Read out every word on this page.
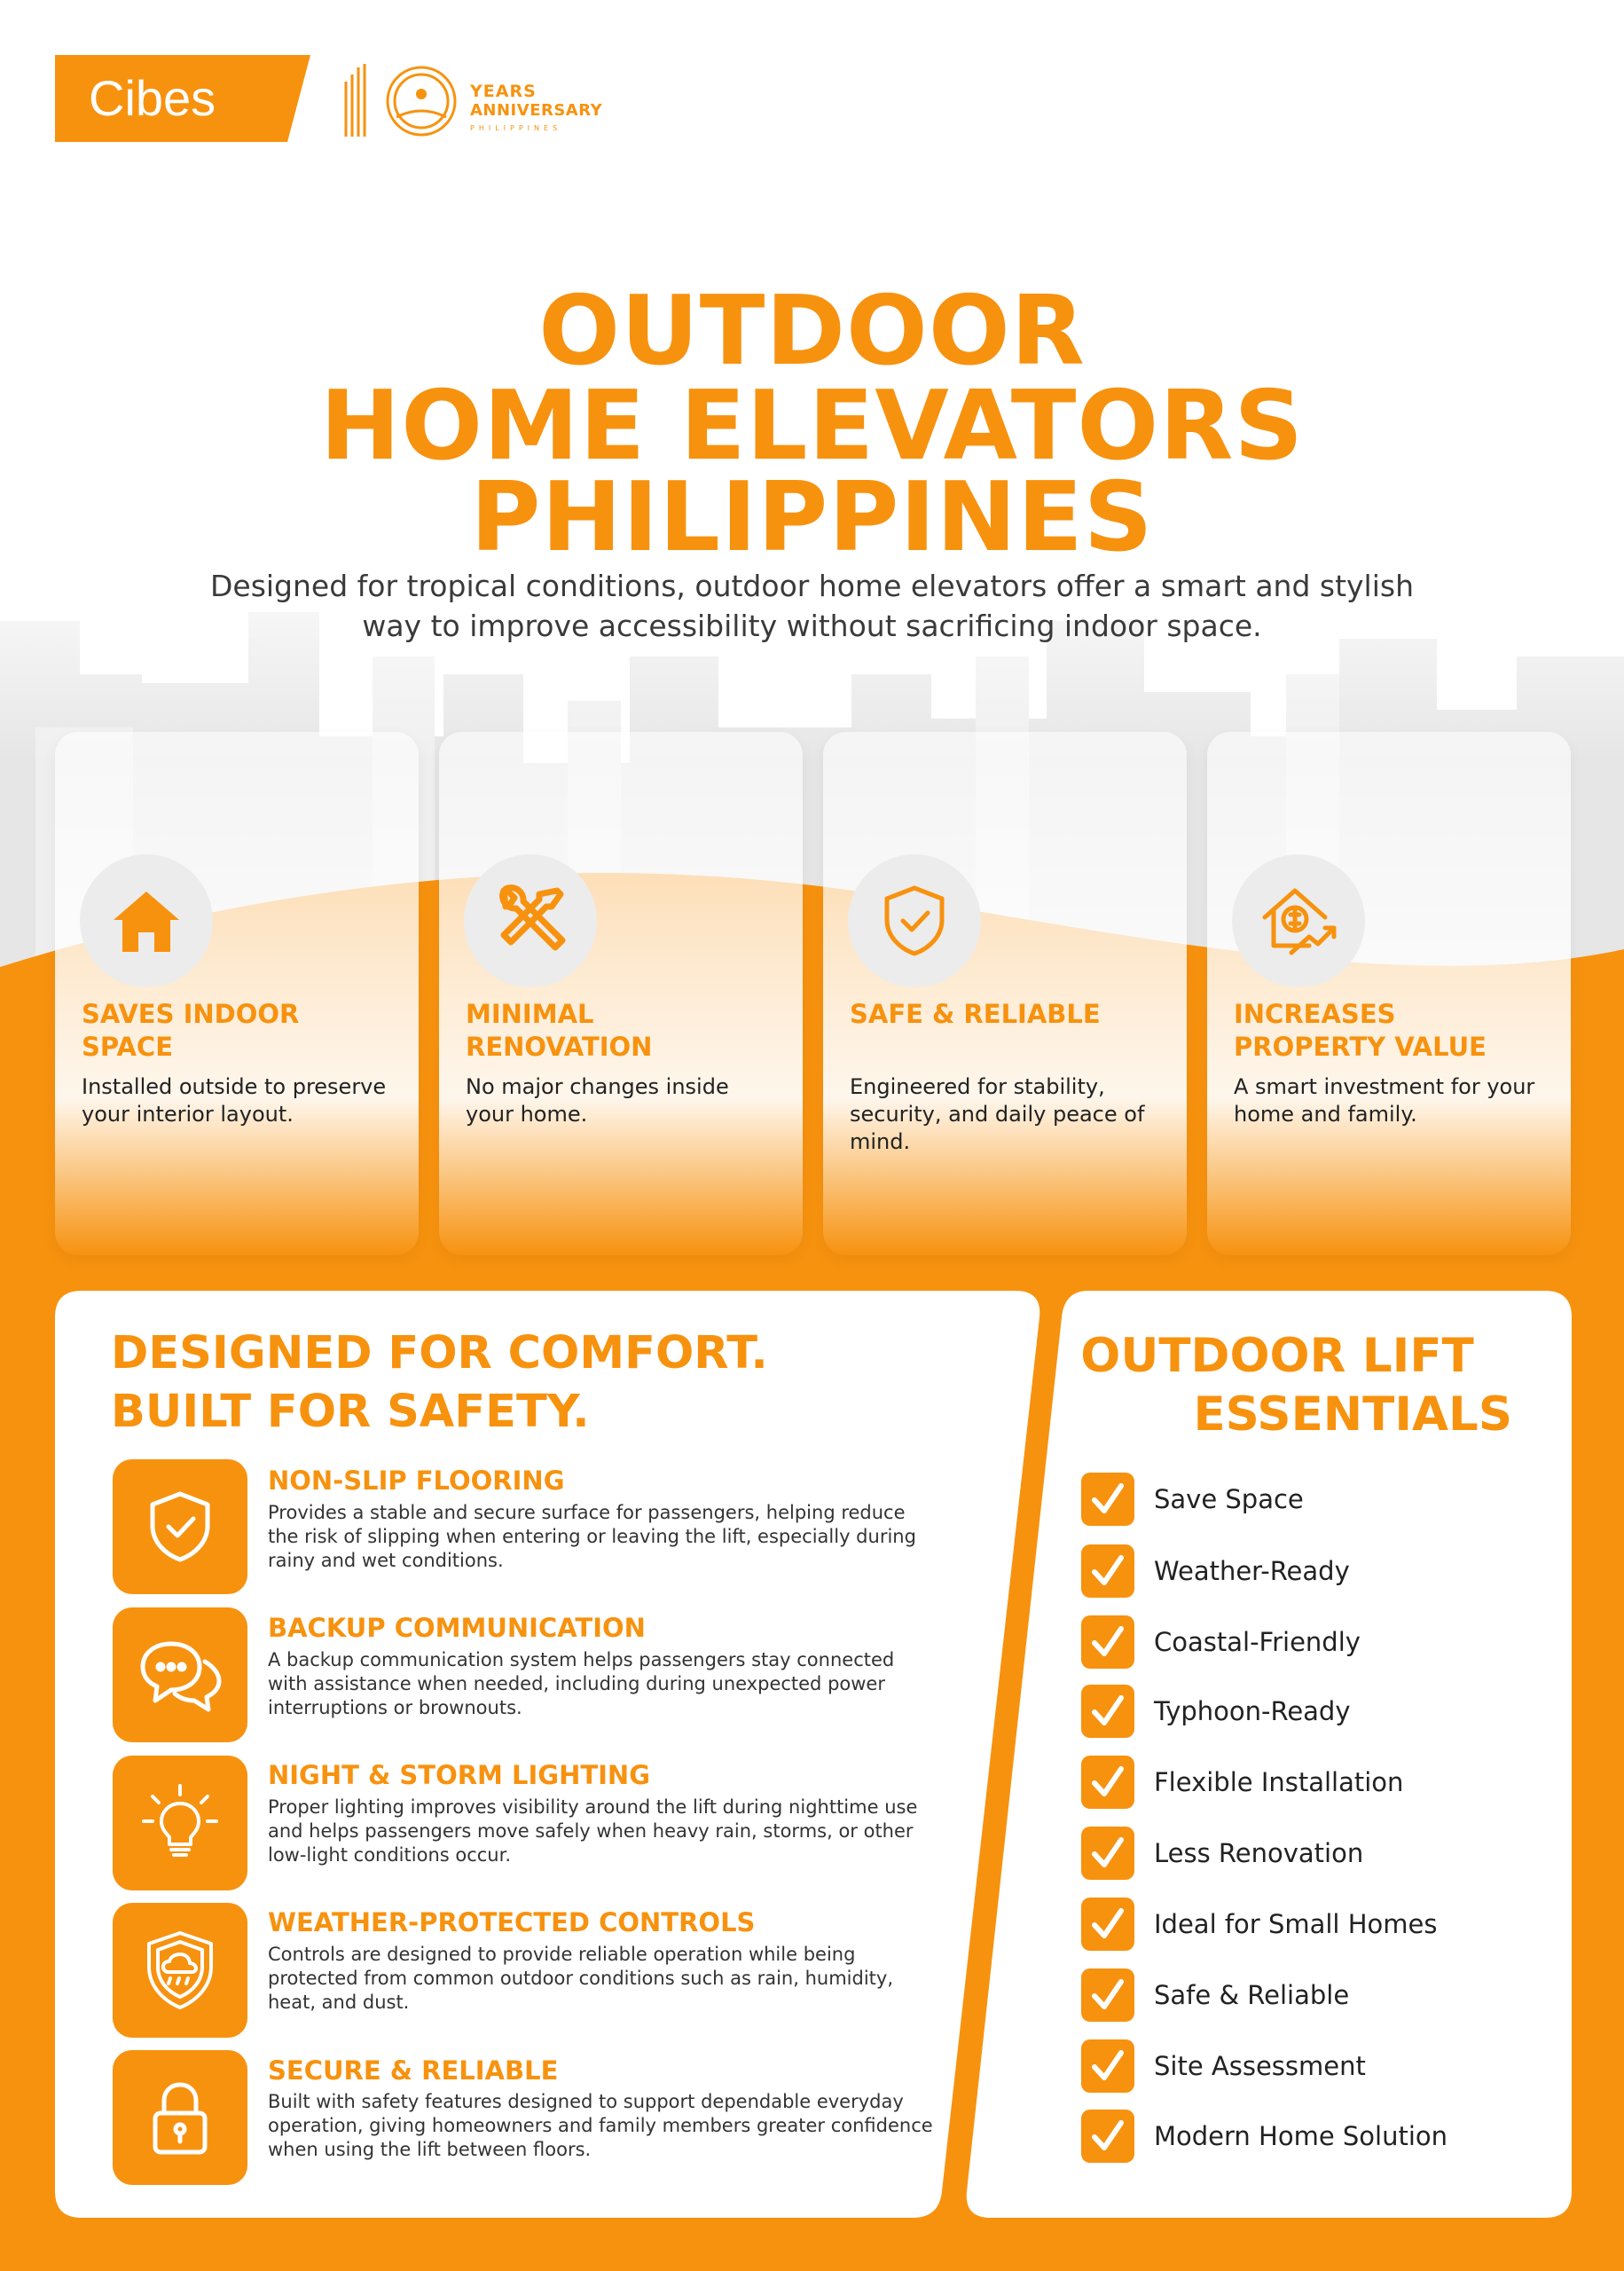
Cibes	YEARS
ANNIVERSARY
PHILIPPINES
OUTDOOR
HOME ELEVATORS
PHILIPPINES
Designed for tropical conditions, outdoor home elevators offer a smart and stylish
way to improve accessibility without sacrificing indoor space.
SAVES INDOOR
SPACE
Installed outside to preserve your interior layout.
MINIMAL
RENOVATION
No major changes inside your home.
SAFE & RELIABLE
Engineered for stability, security, and daily peace of mind.
INCREASES
PROPERTY VALUE
A smart investment for your home and family.
DESIGNED FOR COMFORT.
BUILT FOR SAFETY.
NON-SLIP FLOORING
Provides a stable and secure surface for passengers, helping reduce the risk of slipping when entering or leaving the lift, especially during rainy and wet conditions.
BACKUP COMMUNICATION
A backup communication system helps passengers stay connected with assistance when needed, including during unexpected power interruptions or brownouts.
NIGHT & STORM LIGHTING
Proper lighting improves visibility around the lift during nighttime use and helps passengers move safely when heavy rain, storms, or other low-light conditions occur.
WEATHER-PROTECTED CONTROLS
Controls are designed to provide reliable operation while being protected from common outdoor conditions such as rain, humidity, heat, and dust.
SECURE & RELIABLE
Built with safety features designed to support dependable everyday operation, giving homeowners and family members greater confidence when using the lift between floors.
OUTDOOR LIFT
ESSENTIALS
Save Space
Weather-Ready
Coastal-Friendly
Typhoon-Ready
Flexible Installation
Less Renovation
Ideal for Small Homes
Safe & Reliable
Site Assessment
Modern Home Solution
